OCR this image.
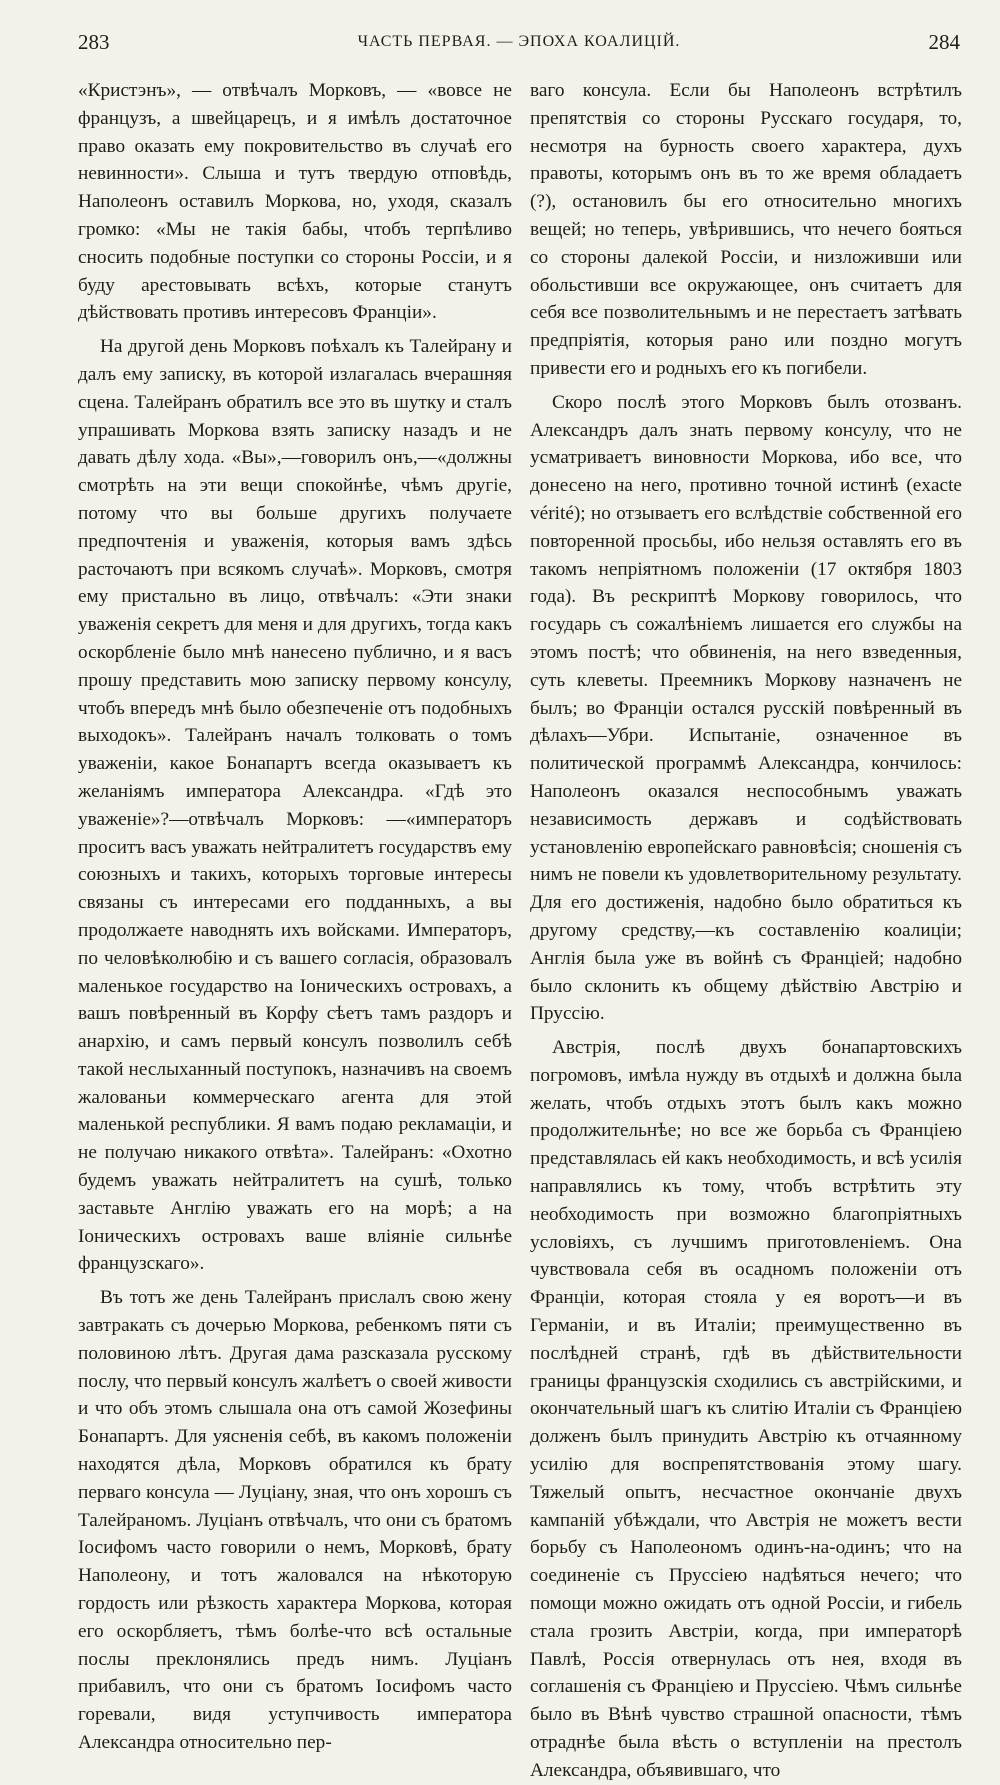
283	ЧАСТЬ ПЕРВАЯ. — ЭПОХА КОАЛИЦІЙ.	284

«Кристэнъ», — отвѣчалъ Морковъ, — «вовсе не французъ, а швейцарецъ, и я имѣлъ достаточное право оказать ему покровительство въ случаѣ его невинности». Слыша и тутъ твердую отповѣдь, Наполеонъ оставилъ Моркова, но, уходя, сказалъ громко: «Мы не такія бабы, чтобъ терпѣливо сносить подобные поступки со стороны Россіи, и я буду арестовывать всѣхъ, которые станутъ дѣйствовать противъ интересовъ Франціи».

На другой день Морковъ поѣхалъ къ Талейрану и далъ ему записку, въ которой излагалась вчерашняя сцена. Талейранъ обратилъ все это въ шутку и сталъ упрашивать Моркова взять записку назадъ и не давать дѣлу хода. «Вы»,—говорилъ онъ,—«должны смотрѣть на эти вещи спокойнѣе, чѣмъ другіе, потому что вы больше другихъ получаете предпочтенія и уваженія, которыя вамъ здѣсь расточаютъ при всякомъ случаѣ». Морковъ, смотря ему пристально въ лицо, отвѣчалъ: «Эти знаки уваженія секретъ для меня и для другихъ, тогда какъ оскорбленіе было мнѣ нанесено публично, и я васъ прошу представить мою записку первому консулу, чтобъ впередъ мнѣ было обезпеченіе отъ подобныхъ выходокъ». Талейранъ началъ толковать о томъ уваженіи, какое Бонапартъ всегда оказываетъ къ желаніямъ императора Александра. «Гдѣ это уваженіе»?—отвѣчалъ Морковъ: —«императоръ проситъ васъ уважать нейтралитетъ государствъ ему союзныхъ и такихъ, которыхъ торговые интересы связаны съ интересами его подданныхъ, а вы продолжаете наводнять ихъ войсками. Императоръ, по человѣколюбію и съ вашего согласія, образовалъ маленькое государство на Іоническихъ островахъ, а вашъ повѣренный въ Корфу сѣетъ тамъ раздоръ и анархію, и самъ первый консулъ позволилъ себѣ такой неслыханный поступокъ, назначивъ на своемъ жалованьи коммерческаго агента для этой маленькой республики. Я вамъ подаю рекламаціи, и не получаю никакого отвѣта». Талейранъ: «Охотно будемъ уважать нейтралитетъ на сушѣ, только заставьте Англію уважать его на морѣ; а на Іоническихъ островахъ ваше вліяніе сильнѣе французскаго».

Въ тотъ же день Талейранъ прислалъ свою жену завтракать съ дочерью Моркова, ребенкомъ пяти съ половиною лѣтъ. Другая дама разсказала русскому послу, что первый консулъ жалѣетъ о своей живости и что объ этомъ слышала она отъ самой Жозефины Бонапартъ. Для уясненія себѣ, въ какомъ положеніи находятся дѣла, Морковъ обратился къ брату перваго консула — Луціану, зная, что онъ хорошъ съ Талейраномъ. Луціанъ отвѣчалъ, что они съ братомъ Іосифомъ часто говорили о немъ, Морковѣ, брату Наполеону, и тотъ жаловался на нѣкоторую гордость или рѣзкость характера Моркова, которая его оскорбляетъ, тѣмъ болѣе-что всѣ остальные послы преклонялись предъ нимъ. Луціанъ прибавилъ, что они съ братомъ Іосифомъ часто горевали, видя уступчивость императора Александра относительно пер-

ваго консула. Если бы Наполеонъ встрѣтилъ препятствія со стороны Русскаго государя, то, несмотря на бурность своего характера, духъ правоты, которымъ онъ въ то же время обладаетъ (?), остановилъ бы его относительно многихъ вещей; но теперь, увѣрившись, что нечего бояться со стороны далекой Россіи, и низложивши или обольстивши все окружающее, онъ считаетъ для себя все позволительнымъ и не перестаетъ затѣвать предпріятія, которыя рано или поздно могутъ привести его и родныхъ его къ погибели.

Скоро послѣ этого Морковъ былъ отозванъ. Александръ далъ знать первому консулу, что не усматриваетъ виновности Моркова, ибо все, что донесено на него, противно точной истинѣ (exacte vérité); но отзываетъ его вслѣдствіе собственной его повторенной просьбы, ибо нельзя оставлять его въ такомъ непріятномъ положеніи (17 октября 1803 года). Въ рескриптѣ Моркову говорилось, что государь съ сожалѣніемъ лишается его службы на этомъ постѣ; что обвиненія, на него взведенныя, суть клеветы. Преемникъ Моркову назначенъ не былъ; во Франціи остался русскій повѣренный въ дѣлахъ—Убри. Испытаніе, означенное въ политической программѣ Александра, кончилось: Наполеонъ оказался неспособнымъ уважать независимость державъ и содѣйствовать установленію европейскаго равновѣсія; сношенія съ нимъ не повели къ удовлетворительному результату. Для его достиженія, надобно было обратиться къ другому средству,—къ составленію коалиціи; Англія была уже въ войнѣ съ Франціей; надобно было склонить къ общему дѣйствію Австрію и Пруссію.

Австрія, послѣ двухъ бонапартовскихъ погромовъ, имѣла нужду въ отдыхѣ и должна была желать, чтобъ отдыхъ этотъ былъ какъ можно продолжительнѣе; но все же борьба съ Франціею представлялась ей какъ необходимость, и всѣ усилія направлялись къ тому, чтобъ встрѣтить эту необходимость при возможно благопріятныхъ условіяхъ, съ лучшимъ приготовленіемъ. Она чувствовала себя въ осадномъ положеніи отъ Франціи, которая стояла у ея воротъ—и въ Германіи, и въ Италіи; преимущественно въ послѣдней странѣ, гдѣ въ дѣйствительности границы французскія сходились съ австрійскими, и окончательный шагъ къ слитію Италіи съ Франціею долженъ былъ принудить Австрію къ отчаянному усилію для воспрепятствованія этому шагу. Тяжелый опытъ, несчастное окончаніе двухъ кампаній убѣждали, что Австрія не можетъ вести борьбу съ Наполеономъ одинъ-на-одинъ; что на соединеніе съ Пруссіею надѣяться нечего; что помощи можно ожидать отъ одной Россіи, и гибель стала грозить Австріи, когда, при императорѣ Павлѣ, Россія отвернулась отъ нея, входя въ соглашенія съ Франціею и Пруссіею. Чѣмъ сильнѣе было въ Вѣнѣ чувство страшной опасности, тѣмъ отраднѣе была вѣсть о вступленіи на престолъ Александра, объявившаго, что
